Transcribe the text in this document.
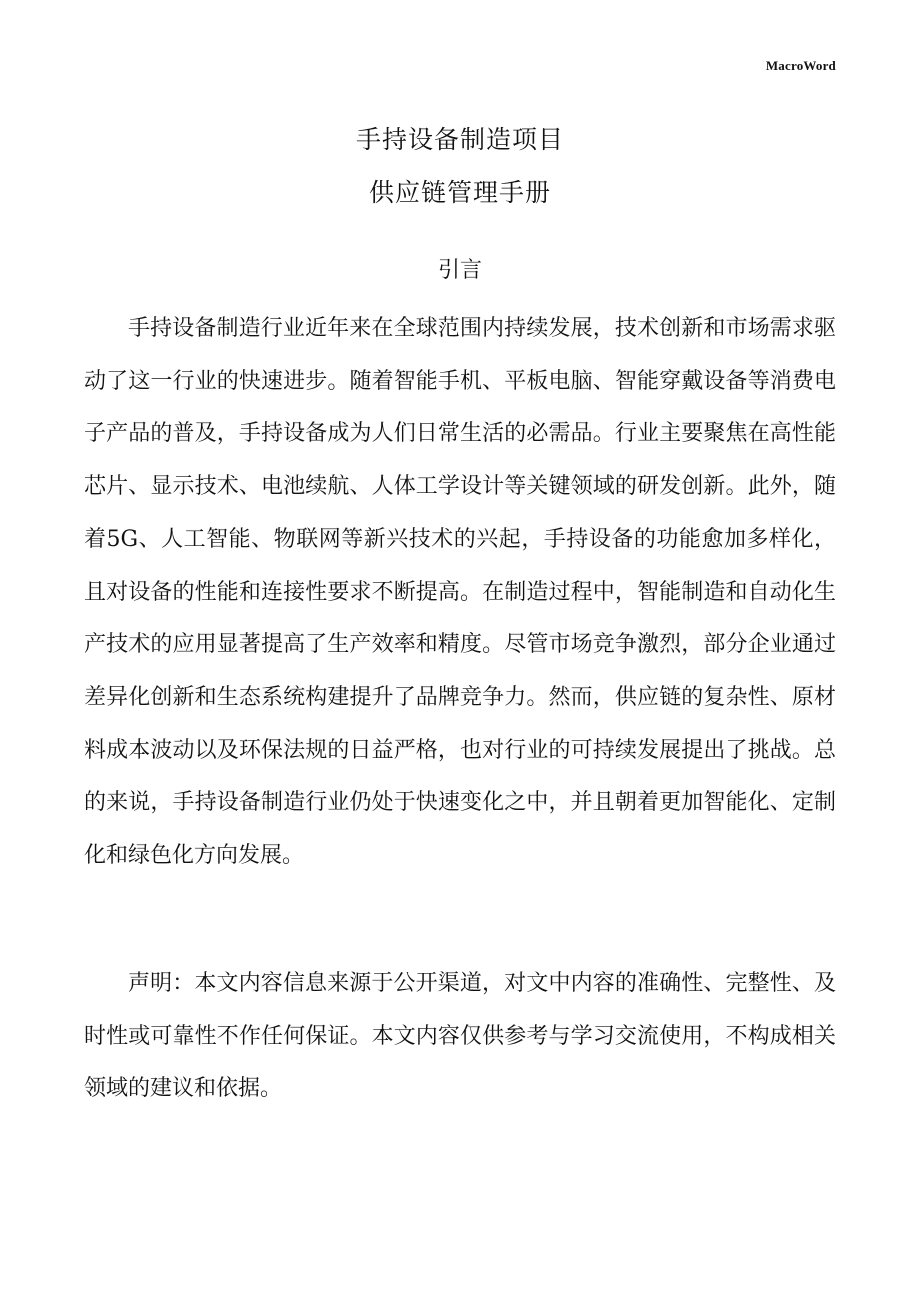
MacroWord
手持设备制造项目
供应链管理手册
引言

手持设备制造行业近年来在全球范围内持续发展，技术创新和市场需求驱动了这一行业的快速进步。随着智能手机、平板电脑、智能穿戴设备等消费电子产品的普及，手持设备成为人们日常生活的必需品。行业主要聚焦在高性能芯片、显示技术、电池续航、人体工学设计等关键领域的研发创新。此外，随着5G、人工智能、物联网等新兴技术的兴起，手持设备的功能愈加多样化，且对设备的性能和连接性要求不断提高。在制造过程中，智能制造和自动化生产技术的应用显著提高了生产效率和精度。尽管市场竞争激烈，部分企业通过差异化创新和生态系统构建提升了品牌竞争力。然而，供应链的复杂性、原材料成本波动以及环保法规的日益严格，也对行业的可持续发展提出了挑战。总的来说，手持设备制造行业仍处于快速变化之中，并且朝着更加智能化、定制化和绿色化方向发展。

声明：本文内容信息来源于公开渠道，对文中内容的准确性、完整性、及时性或可靠性不作任何保证。本文内容仅供参考与学习交流使用，不构成相关领域的建议和依据。
